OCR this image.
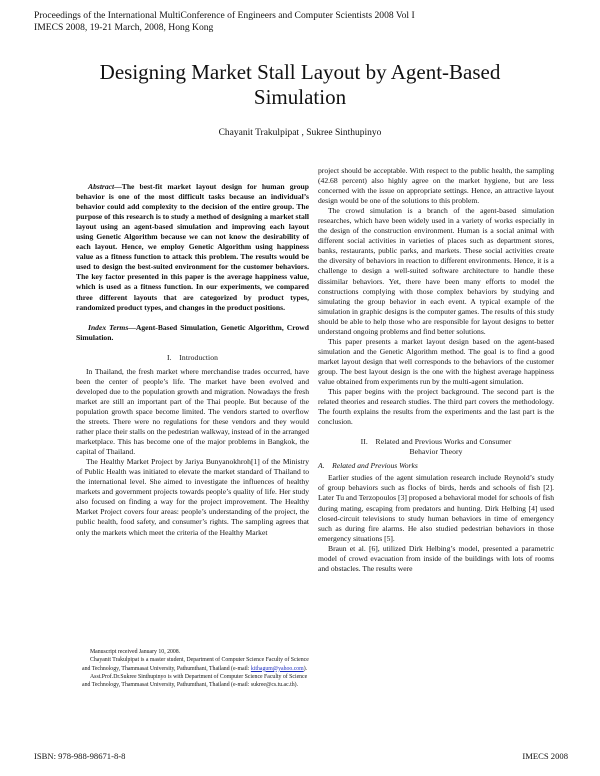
Proceedings of the International MultiConference of Engineers and Computer Scientists 2008 Vol I
IMECS 2008, 19-21 March, 2008, Hong Kong
Designing Market Stall Layout by Agent-Based
Simulation
Chayanit Trakulpipat , Sukree Sinthupinyo

Abstract—The best-fit market layout design for human group behavior is one of the most difficult tasks because an individual’s behavior could add complexity to the decision of the entire group. The purpose of this research is to study a method of designing a market stall layout using an agent-based simulation and improving each layout using Genetic Algorithm because we can not know the desirability of each layout. Hence, we employ Genetic Algorithm using happiness value as a fitness function to attack this problem. The results would be used to design the best-suited environment for the customer behaviors. The key factor presented in this paper is the average happiness value, which is used as a fitness function. In our experiments, we compared three different layouts that are categorized by product types, randomized product types, and changes in the product positions.

Index Terms—Agent-Based Simulation, Genetic Algorithm, Crowd Simulation.

I. Introduction

In Thailand, the fresh market where merchandise trades occurred, have been the center of people’s life. The market have been evolved and developed due to the population growth and migration. Nowadays the fresh market are still an important part of the Thai people. But because of the population growth space become limited. The vendors started to overflow the streets. There were no regulations for these vendors and they would rather place their stalls on the pedestrian walkway, instead of in the arranged marketplace. This has become one of the major problems in Bangkok, the capital of Thailand.

The Healthy Market Project by Jariya Bunyanokhroh[1] of the Ministry of Public Health was initiated to elevate the market standard of Thailand to the international level. She aimed to investigate the influences of healthy markets and government projects towards people’s quality of life. Her study also focused on finding a way for the project improvement. The Healthy Market Project covers four areas: people’s understanding of the project, the public health, food safety, and consumer’s rights. The sampling agrees that only the markets which meet the criteria of the Healthy Market

Manuscript received January 10, 2008.

Chayanit Trakulpipat is a master student, Department of Computer Science Faculty of Science and Technology, Thammasat University, Pathumthani, Thailand (e-mail: kithagum@yahoo.com).

Asst.Prof.Dr.Sukree Sinthupinyo is with Department of Computer Science Faculty of Science and Technology, Thammasat University, Pathumthani, Thailand (e-mail: sukree@cs.tu.ac.th).

project should be acceptable. With respect to the public health, the sampling (42.68 percent) also highly agree on the market hygiene, but are less concerned with the issue on appropriate settings. Hence, an attractive layout design would be one of the solutions to this problem.

The crowd simulation is a branch of the agent-based simulation researches, which have been widely used in a variety of works especially in the design of the construction environment. Human is a social animal with different social activities in varieties of places such as department stores, banks, restaurants, public parks, and markets. These social activities create the diversity of behaviors in reaction to different environments. Hence, it is a challenge to design a well-suited software architecture to handle these dissimilar behaviors. Yet, there have been many efforts to model the constructions complying with those complex behaviors by studying and simulating the group behavior in each event. A typical example of the simulation in graphic designs is the computer games. The results of this study should be able to help those who are responsible for layout designs to better understand ongoing problems and find better solutions.

This paper presents a market layout design based on the agent-based simulation and the Genetic Algorithm method. The goal is to find a good market layout design that well corresponds to the behaviors of the customer group. The best layout design is the one with the highest average happiness value obtained from experiments run by the multi-agent simulation.

This paper begins with the project background. The second part is the related theories and research studies. The third part covers the methodology. The fourth explains the results from the experiments and the last part is the conclusion.

II. Related and Previous Works and Consumer
Behavior Theory

A. Related and Previous Works

Earlier studies of the agent simulation research include Reynold’s study of group behaviors such as flocks of birds, herds and schools of fish [2]. Later Tu and Terzopoulos [3] proposed a behavioral model for schools of fish during mating, escaping from predators and hunting. Dirk Helbing [4] used closed-circuit televisions to study human behaviors in time of emergency such as during fire alarms. He also studied pedestrian behaviors in those emergency situations [5].

Braun et al. [6], utilized Dirk Helbing’s model, presented a parametric model of crowd evacuation from inside of the buildings with lots of rooms and obstacles. The results were

ISBN: 978-988-98671-8-8	IMECS 2008
